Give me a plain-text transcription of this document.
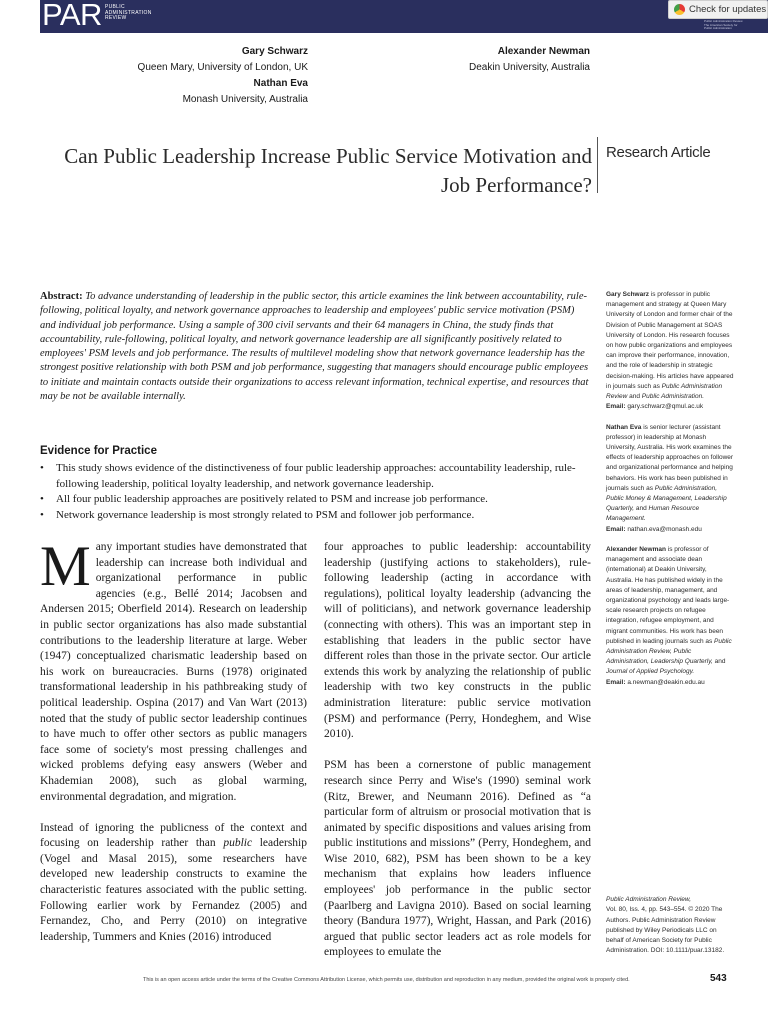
PAR PUBLIC
ADMINISTRATION
REVIEW	Public Administration Review
The American Society for
Public Administration
Check for updates
Gary Schwarz
Queen Mary, University of London, UK
Nathan Eva
Monash University, Australia
Alexander Newman
Deakin University, Australia
Can Public Leadership Increase Public Service Motivation and
Job Performance?
Research Article
Abstract: To advance understanding of leadership in the public sector, this article examines the link between accountability, rule-following, political loyalty, and network governance approaches to leadership and employees' public service motivation (PSM) and individual job performance. Using a sample of 300 civil servants and their 64 managers in China, the study finds that accountability, rule-following, political loyalty, and network governance leadership are all significantly positively related to employees' PSM levels and job performance. The results of multilevel modeling show that network governance leadership has the strongest positive relationship with both PSM and job performance, suggesting that managers should encourage public employees to initiate and maintain contacts outside their organizations to access relevant information, technical expertise, and resources that may be not be available internally.
Evidence for Practice
• This study shows evidence of the distinctiveness of four public leadership approaches: accountability leadership, rule-following leadership, political loyalty leadership, and network governance leadership.
• All four public leadership approaches are positively related to PSM and increase job performance.
• Network governance leadership is most strongly related to PSM and follower job performance.

Many important studies have demonstrated that leadership can increase both individual and organizational performance in public agencies (e.g., Bellé 2014; Jacobsen and Andersen 2015; Oberfield 2014). Research on leadership in public sector organizations has also made substantial contributions to the leadership literature at large. Weber (1947) conceptualized charismatic leadership based on his work on bureaucracies. Burns (1978) originated transformational leadership in his pathbreaking study of political leadership. Ospina (2017) and Van Wart (2013) noted that the study of public sector leadership continues to have much to offer other sectors as public managers face some of society's most pressing challenges and wicked problems defying easy answers (Weber and Khademian 2008), such as global warming, environmental degradation, and migration.

Instead of ignoring the publicness of the context and focusing on leadership rather than public leadership (Vogel and Masal 2015), some researchers have developed new leadership constructs to examine the characteristic features associated with the public setting. Following earlier work by Fernandez (2005) and Fernandez, Cho, and Perry (2010) on integrative leadership, Tummers and Knies (2016) introduced

four approaches to public leadership: accountability leadership (justifying actions to stakeholders), rule-following leadership (acting in accordance with regulations), political loyalty leadership (advancing the will of politicians), and network governance leadership (connecting with others). This was an important step in establishing that leaders in the public sector have different roles than those in the private sector. Our article extends this work by analyzing the relationship of public leadership with two key constructs in the public administration literature: public service motivation (PSM) and performance (Perry, Hondeghem, and Wise 2010).

PSM has been a cornerstone of public management research since Perry and Wise's (1990) seminal work (Ritz, Brewer, and Neumann 2016). Defined as “a particular form of altruism or prosocial motivation that is animated by specific dispositions and values arising from public institutions and missions” (Perry, Hondeghem, and Wise 2010, 682), PSM has been shown to be a key mechanism that explains how leaders influence employees' job performance in the public sector (Paarlberg and Lavigna 2010). Based on social learning theory (Bandura 1977), Wright, Hassan, and Park (2016) argued that public sector leaders act as role models for employees to emulate the

Gary Schwarz is professor in public management and strategy at Queen Mary University of London and former chair of the Division of Public Management at SOAS University of London. His research focuses on how public organizations and employees can improve their performance, innovation, and the role of leadership in strategic decision-making. His articles have appeared in journals such as Public Administration Review and Public Administration.
Email: gary.schwarz@qmul.ac.uk

Nathan Eva is senior lecturer (assistant professor) in leadership at Monash University, Australia. His work examines the effects of leadership approaches on follower and organizational performance and helping behaviors. His work has been published in journals such as Public Administration, Public Money & Management, Leadership Quarterly, and Human Resource Management.
Email: nathan.eva@monash.edu

Alexander Newman is professor of management and associate dean (international) at Deakin University, Australia. He has published widely in the areas of leadership, management, and organizational psychology and leads large-scale research projects on refugee integration, refugee employment, and migrant communities. His work has been published in leading journals such as Public Administration Review, Public Administration, Leadership Quarterly, and Journal of Applied Psychology.
Email: a.newman@deakin.edu.au

Public Administration Review,
Vol. 80, Iss. 4, pp. 543–554. © 2020 The Authors. Public Administration Review published by Wiley Periodicals LLC on behalf of American Society for Public Administration. DOI: 10.1111/puar.13182.
This is an open access article under the terms of the Creative Commons Attribution License, which permits use, distribution and reproduction in any medium, provided the original work is properly cited.	543
